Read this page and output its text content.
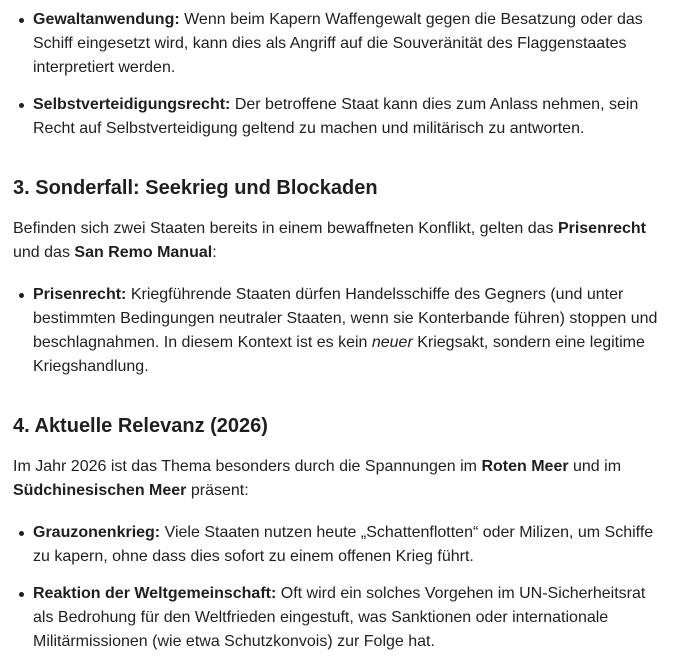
Gewaltanwendung: Wenn beim Kapern Waffengewalt gegen die Besatzung oder das Schiff eingesetzt wird, kann dies als Angriff auf die Souveränität des Flaggenstaates interpretiert werden.
Selbstverteidigungsrecht: Der betroffene Staat kann dies zum Anlass nehmen, sein Recht auf Selbstverteidigung geltend zu machen und militärisch zu antworten.
3. Sonderfall: Seekrieg und Blockaden

Befinden sich zwei Staaten bereits in einem bewaffneten Konflikt, gelten das Prisenrecht und das San Remo Manual:

Prisenrecht: Kriegführende Staaten dürfen Handelsschiffe des Gegners (und unter bestimmten Bedingungen neutraler Staaten, wenn sie Konterbande führen) stoppen und beschlagnahmen. In diesem Kontext ist es kein neuer Kriegsakt, sondern eine legitime Kriegshandlung.
4. Aktuelle Relevanz (2026)

Im Jahr 2026 ist das Thema besonders durch die Spannungen im Roten Meer und im Südchinesischen Meer präsent:

Grauzonenkrieg: Viele Staaten nutzen heute „Schattenflotten“ oder Milizen, um Schiffe zu kapern, ohne dass dies sofort zu einem offenen Krieg führt.
Reaktion der Weltgemeinschaft: Oft wird ein solches Vorgehen im UN-Sicherheitsrat als Bedrohung für den Weltfrieden eingestuft, was Sanktionen oder internationale Militärmissionen (wie etwa Schutzkonvois) zur Folge hat.
